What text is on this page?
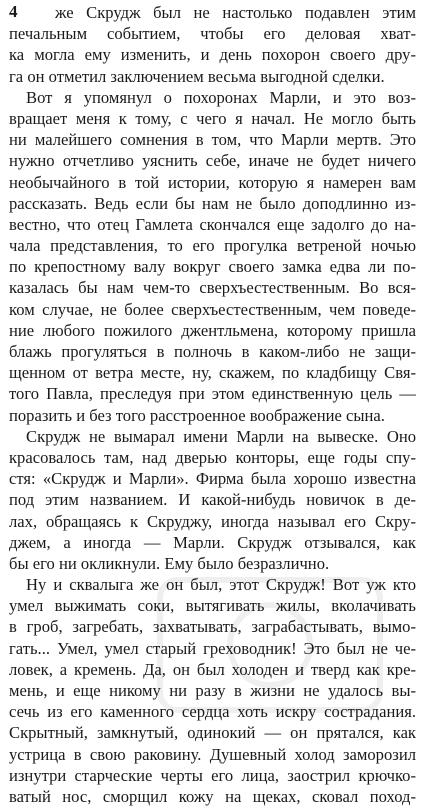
4	же Скрудж был не настолько подавлен этим
печальным событием, чтобы его деловая хват-
ка могла ему изменить, и день похорон своего дру-
га он отметил заключением весьма выгодной сделки.
Вот я упомянул о похоронах Марли, и это воз-
вращает меня к тому, с чего я начал. Не могло быть
ни малейшего сомнения в том, что Марли мертв. Это
нужно отчетливо уяснить себе, иначе не будет ничего
необычайного в той истории, которую я намерен вам
рассказать. Ведь если бы нам не было доподлинно из-
вестно, что отец Гамлета скончался еще задолго до на-
чала представления, то его прогулка ветреной ночью
по крепостному валу вокруг своего замка едва ли по-
казалась бы нам чем-то сверхъестественным. Во вся-
ком случае, не более сверхъестественным, чем поведе-
ние любого пожилого джентльмена, которому пришла
блажь прогуляться в полночь в каком-либо не защи-
щенном от ветра месте, ну, скажем, по кладбищу Свя-
того Павла, преследуя при этом единственную цель —
поразить и без того расстроенное воображение сына.
Скрудж не вымарал имени Марли на вывеске. Оно
красовалось там, над дверью конторы, еще годы спу-
стя: «Скрудж и Марли». Фирма была хорошо известна
под этим названием. И какой-нибудь новичок в де-
лах, обращаясь к Скруджу, иногда называл его Скру-
джем, а иногда — Марли. Скрудж отзывался, как
бы его ни окликнули. Ему было безразлично.
Ну и сквалыга же он был, этот Скрудж! Вот уж кто
умел выжимать соки, вытягивать жилы, вколачивать
в гроб, загребать, захватывать, заграбастывать, вымо-
гать... Умел, умел старый греховодник! Это был не че-
ловек, а кремень. Да, он был холоден и тверд как кре-
мень, и еще никому ни разу в жизни не удалось вы-
сечь из его каменного сердца хоть искру сострадания.
Скрытный, замкнутый, одинокий — он прятался, как
устрица в свою раковину. Душевный холод заморозил
изнутри старческие черты его лица, заострил крючко-
ватый нос, сморщил кожу на щеках, сковал поход-
